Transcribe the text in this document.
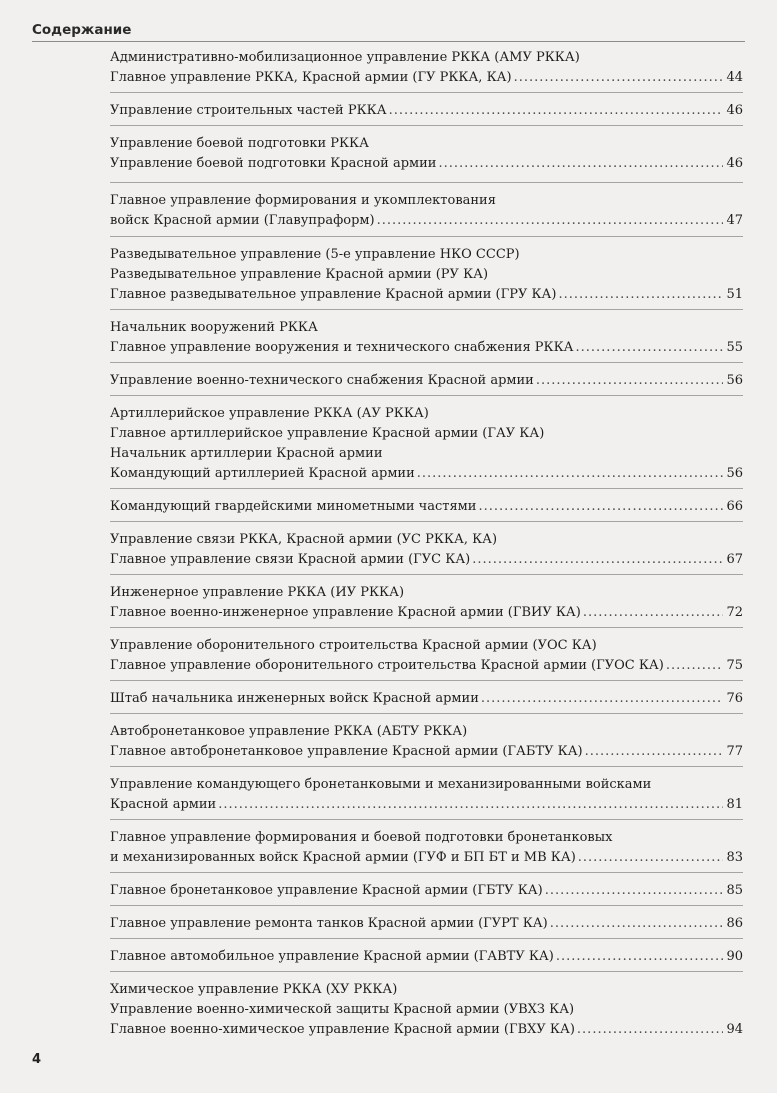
Содержание
Административно-мобилизационное управление РККА (АМУ РККА)
Главное управление РККА, Красной армии (ГУ РККА, КА) .....	44
Управление строительных частей РККА .....	46
Управление боевой подготовки РККА
Управление боевой подготовки Красной армии .....	46
Главное управление формирования и укомплектования
войск Красной армии (Главупраформ) .....	47
Разведывательное управление (5-е управление НКО СССР)
Разведывательное управление Красной армии (РУ КА)
Главное разведывательное управление Красной армии (ГРУ КА) .....	51
Начальник вооружений РККА
Главное управление вооружения и технического снабжения РККА .....	55
Управление военно-технического снабжения Красной армии .....	56
Артиллерийское управление РККА (АУ РККА)
Главное артиллерийское управление Красной армии (ГАУ КА)
Начальник артиллерии Красной армии
Командующий артиллерией Красной армии .....	56
Командующий гвардейскими минометными частями .....	66
Управление связи РККА, Красной армии (УС РККА, КА)
Главное управление связи Красной армии (ГУС КА) .....	67
Инженерное управление РККА (ИУ РККА)
Главное военно-инженерное управление Красной армии (ГВИУ КА) .....	72
Управление оборонительного строительства Красной армии (УОС КА)
Главное управление оборонительного строительства Красной армии (ГУОС КА) .....	75
Штаб начальника инженерных войск Красной армии .....	76
Автобронетанковое управление РККА (АБТУ РККА)
Главное автобронетанковое управление Красной армии (ГАБТУ КА) .....	77
Управление командующего бронетанковыми и механизированными войсками
Красной армии .....	81
Главное управление формирования и боевой подготовки бронетанковых
и механизированных войск Красной армии (ГУФ и БП БТ и МВ КА) .....	83
Главное бронетанковое управление Красной армии (ГБТУ КА) .....	85
Главное управление ремонта танков Красной армии (ГУРТ КА) .....	86
Главное автомобильное управление Красной армии (ГАВТУ КА) .....	90
Химическое управление РККА (ХУ РККА)
Управление военно-химической защиты Красной армии (УВХЗ КА)
Главное военно-химическое управление Красной армии (ГВХУ КА) .....	94
4
